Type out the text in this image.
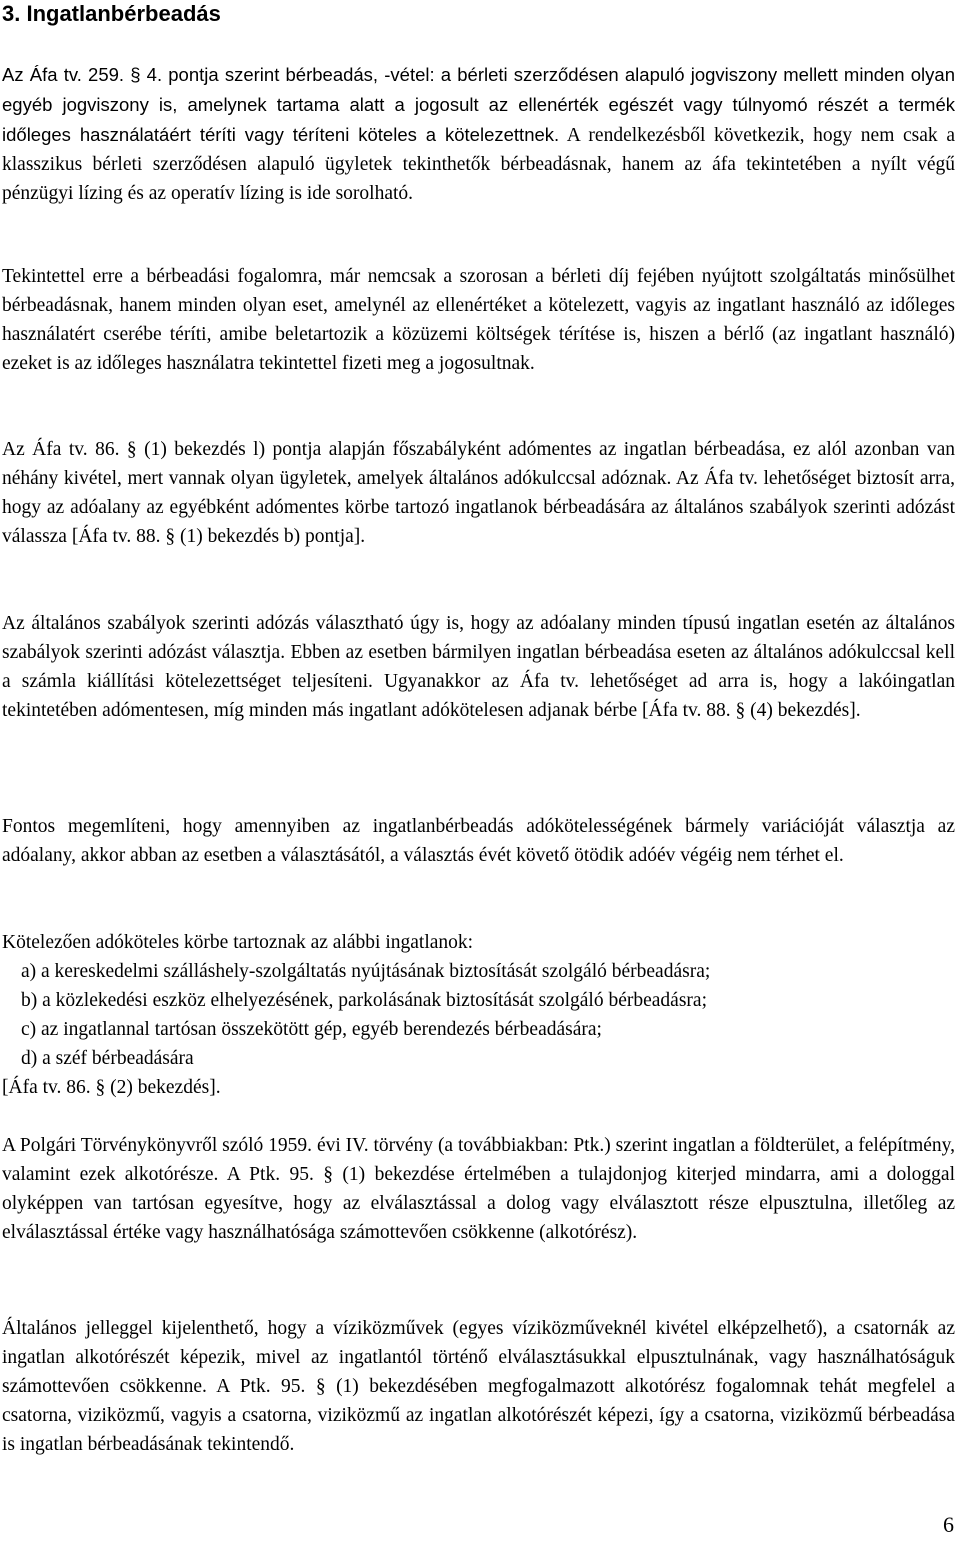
3. Ingatlanbérbeadás

Az Áfa tv. 259. § 4. pontja szerint bérbeadás, -vétel: a bérleti szerződésen alapuló jogviszony mellett minden olyan egyéb jogviszony is, amelynek tartama alatt a jogosult az ellenérték egészét vagy túlnyomó részét a termék időleges használatáért téríti vagy téríteni köteles a kötelezettnek. A rendelkezésből következik, hogy nem csak a klasszikus bérleti szerződésen alapuló ügyletek tekinthetők bérbeadásnak, hanem az áfa tekintetében a nyílt végű pénzügyi lízing és az operatív lízing is ide sorolható.

Tekintettel erre a bérbeadási fogalomra, már nemcsak a szorosan a bérleti díj fejében nyújtott szolgáltatás minősülhet bérbeadásnak, hanem minden olyan eset, amelynél az ellenértéket a kötelezett, vagyis az ingatlant használó az időleges használatért cserébe téríti, amibe beletartozik a közüzemi költségek térítése is, hiszen a bérlő (az ingatlant használó) ezeket is az időleges használatra tekintettel fizeti meg a jogosultnak.

Az Áfa tv. 86. § (1) bekezdés l) pontja alapján főszabályként adómentes az ingatlan bérbeadása, ez alól azonban van néhány kivétel, mert vannak olyan ügyletek, amelyek általános adókulccsal adóznak. Az Áfa tv. lehetőséget biztosít arra, hogy az adóalany az egyébként adómentes körbe tartozó ingatlanok bérbeadására az általános szabályok szerinti adózást válassza [Áfa tv. 88. § (1) bekezdés b) pontja].

Az általános szabályok szerinti adózás választható úgy is, hogy az adóalany minden típusú ingatlan esetén az általános szabályok szerinti adózást választja. Ebben az esetben bármilyen ingatlan bérbeadása eseten az általános adókulccsal kell a számla kiállítási kötelezettséget teljesíteni. Ugyanakkor az Áfa tv. lehetőséget ad arra is, hogy a lakóingatlan tekintetében adómentesen, míg minden más ingatlant adókötelesen adjanak bérbe [Áfa tv. 88. § (4) bekezdés].

Fontos megemlíteni, hogy amennyiben az ingatlanbérbeadás adókötelességének bármely variációját választja az adóalany, akkor abban az esetben a választásától, a választás évét követő ötödik adóév végéig nem térhet el.

Kötelezően adóköteles körbe tartoznak az alábbi ingatlanok:
a) a kereskedelmi szálláshely-szolgáltatás nyújtásának biztosítását szolgáló bérbeadásra;
b) a közlekedési eszköz elhelyezésének, parkolásának biztosítását szolgáló bérbeadásra;
c) az ingatlannal tartósan összekötött gép, egyéb berendezés bérbeadására;
d) a széf bérbeadására
[Áfa tv. 86. § (2) bekezdés].

A Polgári Törvénykönyvről szóló 1959. évi IV. törvény (a továbbiakban: Ptk.) szerint ingatlan a földterület, a felépítmény, valamint ezek alkotórésze. A Ptk. 95. § (1) bekezdése értelmében a tulajdonjog kiterjed mindarra, ami a dologgal olyképpen van tartósan egyesítve, hogy az elválasztással a dolog vagy elválasztott része elpusztulna, illetőleg az elválasztással értéke vagy használhatósága számottevően csökkenne (alkotórész).

Általános jelleggel kijelenthető, hogy a víziközművek (egyes víziközműveknél kivétel elképzelhető), a csatornák az ingatlan alkotórészét képezik, mivel az ingatlantól történő elválasztásukkal elpusztulnának, vagy használhatóságuk számottevően csökkenne. A Ptk. 95. § (1) bekezdésében megfogalmazott alkotórész fogalomnak tehát megfelel a csatorna, viziközmű, vagyis a csatorna, viziközmű az ingatlan alkotórészét képezi, így a csatorna, viziközmű bérbeadása is ingatlan bérbeadásának tekintendő.

6
